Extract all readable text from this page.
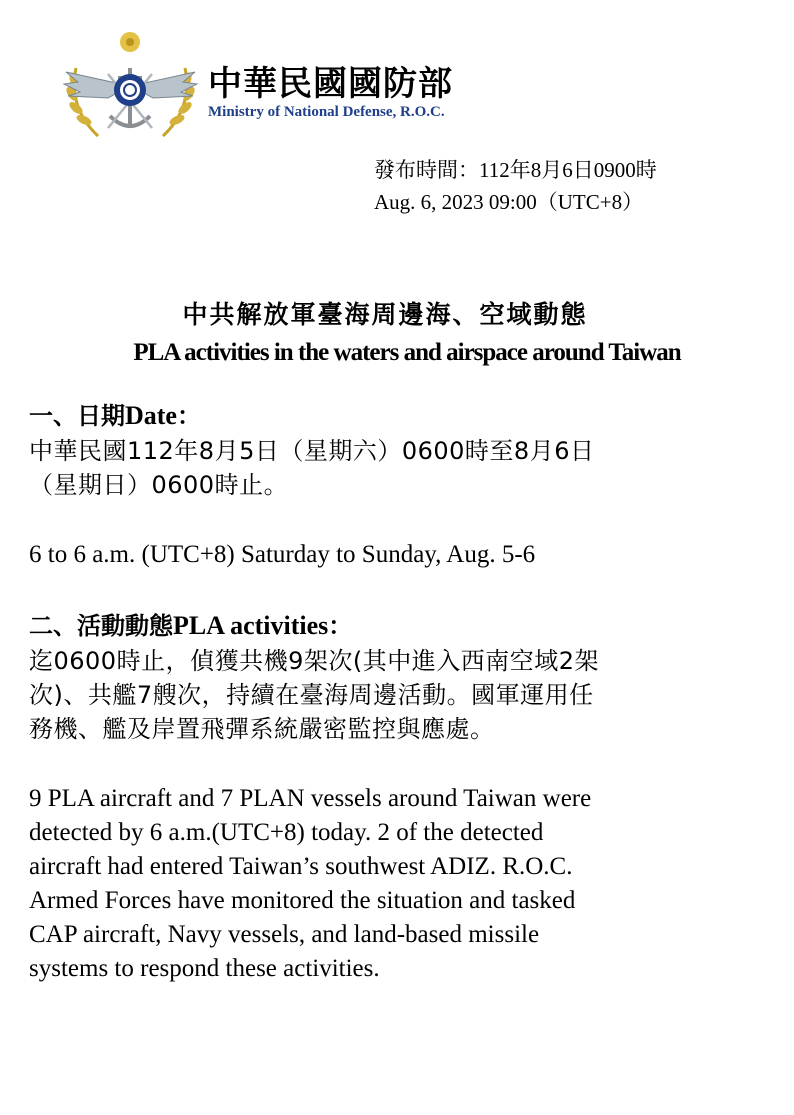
中華民國國防部
Ministry of National Defense, R.O.C.
發布時間：112年8月6日0900時
Aug. 6, 2023 09:00（UTC+8）
中共解放軍臺海周邊海、空域動態
PLA activities in the waters and airspace around Taiwan
一、日期Date：
中華民國112年8月5日（星期六）0600時至8月6日
（星期日）0600時止。
6 to 6 a.m. (UTC+8) Saturday to Sunday, Aug. 5-6
二、活動動態PLA activities：
迄0600時止，偵獲共機9架次(其中進入西南空域2架
次)、共艦7艘次，持續在臺海周邊活動。國軍運用任
務機、艦及岸置飛彈系統嚴密監控與應處。
9 PLA aircraft and 7 PLAN vessels around Taiwan were
detected by 6 a.m.(UTC+8) today. 2 of the detected
aircraft had entered Taiwan’s southwest ADIZ. R.O.C.
Armed Forces have monitored the situation and tasked
CAP aircraft, Navy vessels, and land-based missile
systems to respond these activities.
